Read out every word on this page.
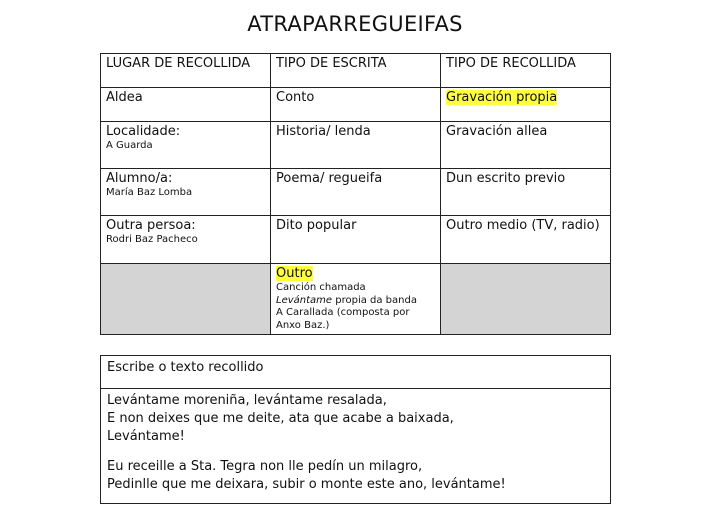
ATRAPARREGUEIFAS
LUGAR DE RECOLLIDA	TIPO DE ESCRITA	TIPO DE RECOLLIDA
Aldea	Conto	Gravación propia
Localidade:
A Guarda	Historia/ lenda	Gravación allea
Alumno/a:
María Baz Lomba	Poema/ regueifa	Dun escrito previo
Outra persoa:
Rodri Baz Pacheco	Dito popular	Outro medio (TV, radio)
	Outro
Canción chamada
Levántame propia da banda
A Carallada (composta por
Anxo Baz.)	

Escribe o texto recollido

Levántame moreniña, levántame resalada,
E non deixes que me deite, ata que acabe a baixada,
Levántame!
Eu receille a Sta. Tegra non lle pedín un milagro,
Pedinlle que me deixara, subir o monte este ano, levántame!
